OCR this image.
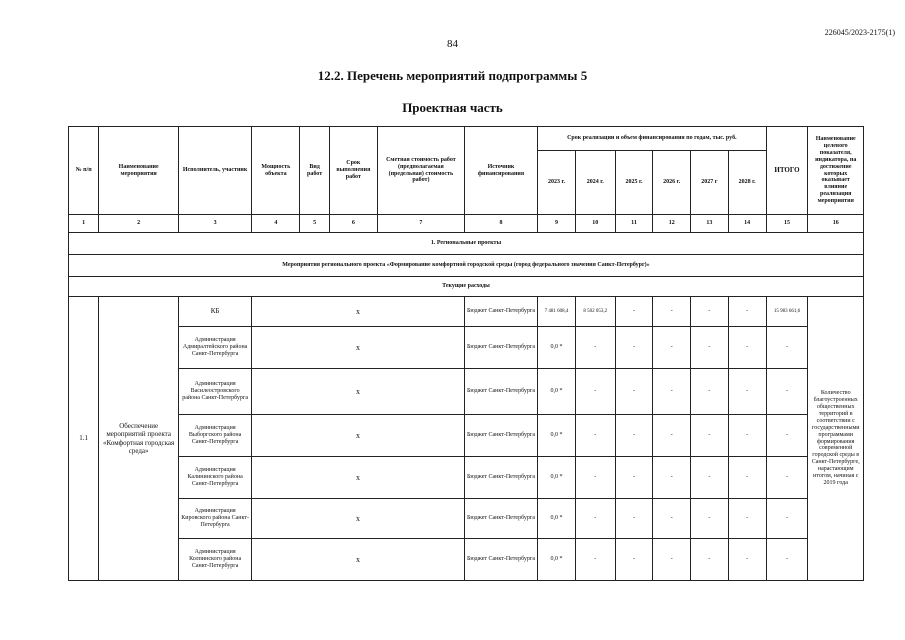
226045/2023-2175(1)
84
12.2. Перечень мероприятий подпрограммы 5
Проектная часть
№ п/п	Наименование мероприятия	Исполнитель, участник	Мощность объекта	Вид работ	Срок выполнения работ	Сметная стоимость работ (предполагаемая (предельная) стоимость работ)	Источник финансирования	Срок реализации и объем финансирования по годам, тыс. руб.						ИТОГО	Наименование целевого показателя, индикатора, на достижение которых оказывает влияние реализация мероприятия
								2023 г.	2024 г.	2025 г.	2026 г.	2027 г	2028 г.		
1	2	3	4	5	6	7	8	9	10	11	12	13	14	15	16
1. Региональные проекты															
Мероприятия регионального проекта «Формирование комфортной городской среды (город федерального значения Санкт-Петербург)»															
Текущие расходы															
1.1	Обеспечение мероприятий проекта «Комфортная городская среда»	КБ	х				Бюджет Санкт-Петербурга	7 481 608,4	8 502 053,2	-	-	-	-	15 983 661,6	Количество благоустроенных общественных территорий в соответствии с государственными программами формирования современной городской среды в Санкт-Петербурге, нарастающим итогом, начиная с 2019 года
		Администрация Адмиралтейского района Санкт-Петербурга	х				Бюджет Санкт-Петербурга	0,0 *	-	-	-	-	-	-	
		Администрация Василеостровского района Санкт-Петербурга	х				Бюджет Санкт-Петербурга	0,0 *	-	-	-	-	-	-	
		Администрация Выборгского района Санкт-Петербурга	х				Бюджет Санкт-Петербурга	0,0 *	-	-	-	-	-	-	
		Администрация Калининского района Санкт-Петербурга	х				Бюджет Санкт-Петербурга	0,0 *	-	-	-	-	-	-	
		Администрация Кировского района Санкт-Петербурга	х				Бюджет Санкт-Петербурга	0,0 *	-	-	-	-	-	-	
		Администрация Колпинского района Санкт-Петербурга	х				Бюджет Санкт-Петербурга	0,0 *	-	-	-	-	-	-	
